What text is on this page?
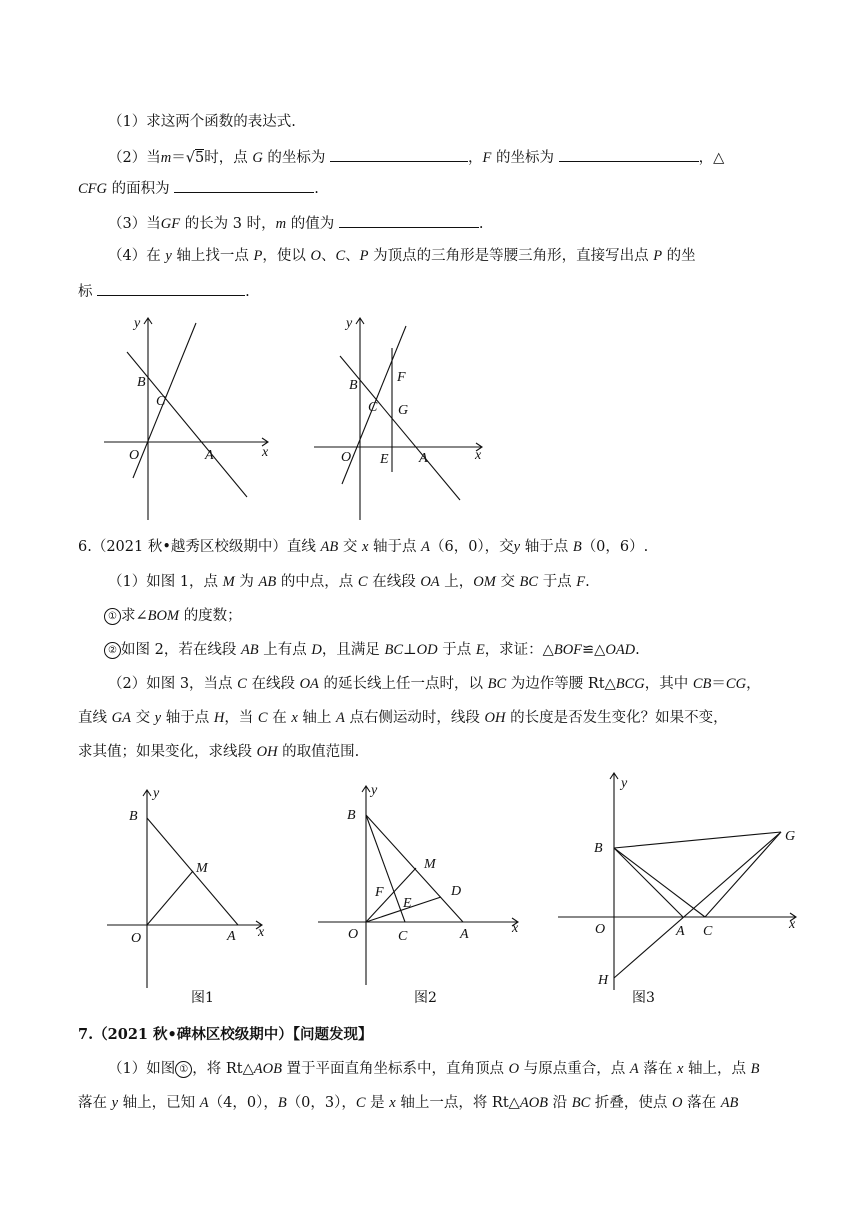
（1）求这两个函数的表达式.
（2）当m＝√5时，点 G 的坐标为	，F 的坐标为	，△
CFG 的面积为	.
（3）当GF 的长为 3 时，m 的值为	.
（4）在 y 轴上找一点 P，使以 O、C、P 为顶点的三角形是等腰三角形，直接写出点 P 的坐
标	.
y
x
O	A
B
C
y
x
O E A
B
C
F
G
y
x
B
M
O	A
y
x
B
M
D
F
E
O	C	A
y
x
B
G
O	A C
H
6.（2021 秋•越秀区校级期中）直线 AB 交 x 轴于点 A（6，0），交y 轴于点 B（0，6）.
（1）如图 1，点 M 为 AB 的中点，点 C 在线段 OA 上，OM 交 BC 于点 F.
① 求∠BOM 的度数；
② 如图 2，若在线段 AB 上有点 D，且满足 BC⊥OD 于点 E，求证：△BOF≌△OAD.
（2）如图 3，当点 C 在线段 OA 的延长线上任一点时，以 BC 为边作等腰 Rt△BCG，其中 CB＝CG，
直线 GA 交 y 轴于点 H，当 C 在 x 轴上 A 点右侧运动时，线段 OH 的长度是否发生变化？如果不变，
求其值；如果变化，求线段 OH 的取值范围.
图1	图2	图3
7.（2021 秋•碑林区校级期中）【问题发现】
（1）如图 ① ，将 Rt△AOB 置于平面直角坐标系中，直角顶点 O 与原点重合，点 A 落在 x 轴上，点 B
落在 y 轴上，已知 A（4，0），B（0，3），C 是 x 轴上一点，将 Rt△AOB 沿 BC 折叠，使点 O 落在 AB
